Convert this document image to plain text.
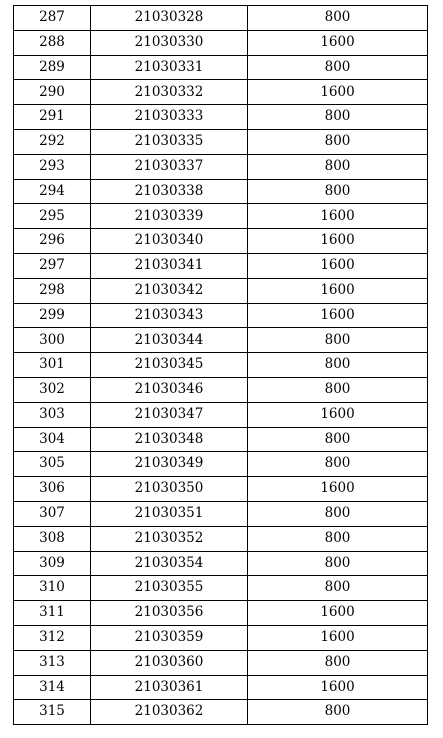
287	21030328	800
288	21030330	1600
289	21030331	800
290	21030332	1600
291	21030333	800
292	21030335	800
293	21030337	800
294	21030338	800
295	21030339	1600
296	21030340	1600
297	21030341	1600
298	21030342	1600
299	21030343	1600
300	21030344	800
301	21030345	800
302	21030346	800
303	21030347	1600
304	21030348	800
305	21030349	800
306	21030350	1600
307	21030351	800
308	21030352	800
309	21030354	800
310	21030355	800
311	21030356	1600
312	21030359	1600
313	21030360	800
314	21030361	1600
315	21030362	800
